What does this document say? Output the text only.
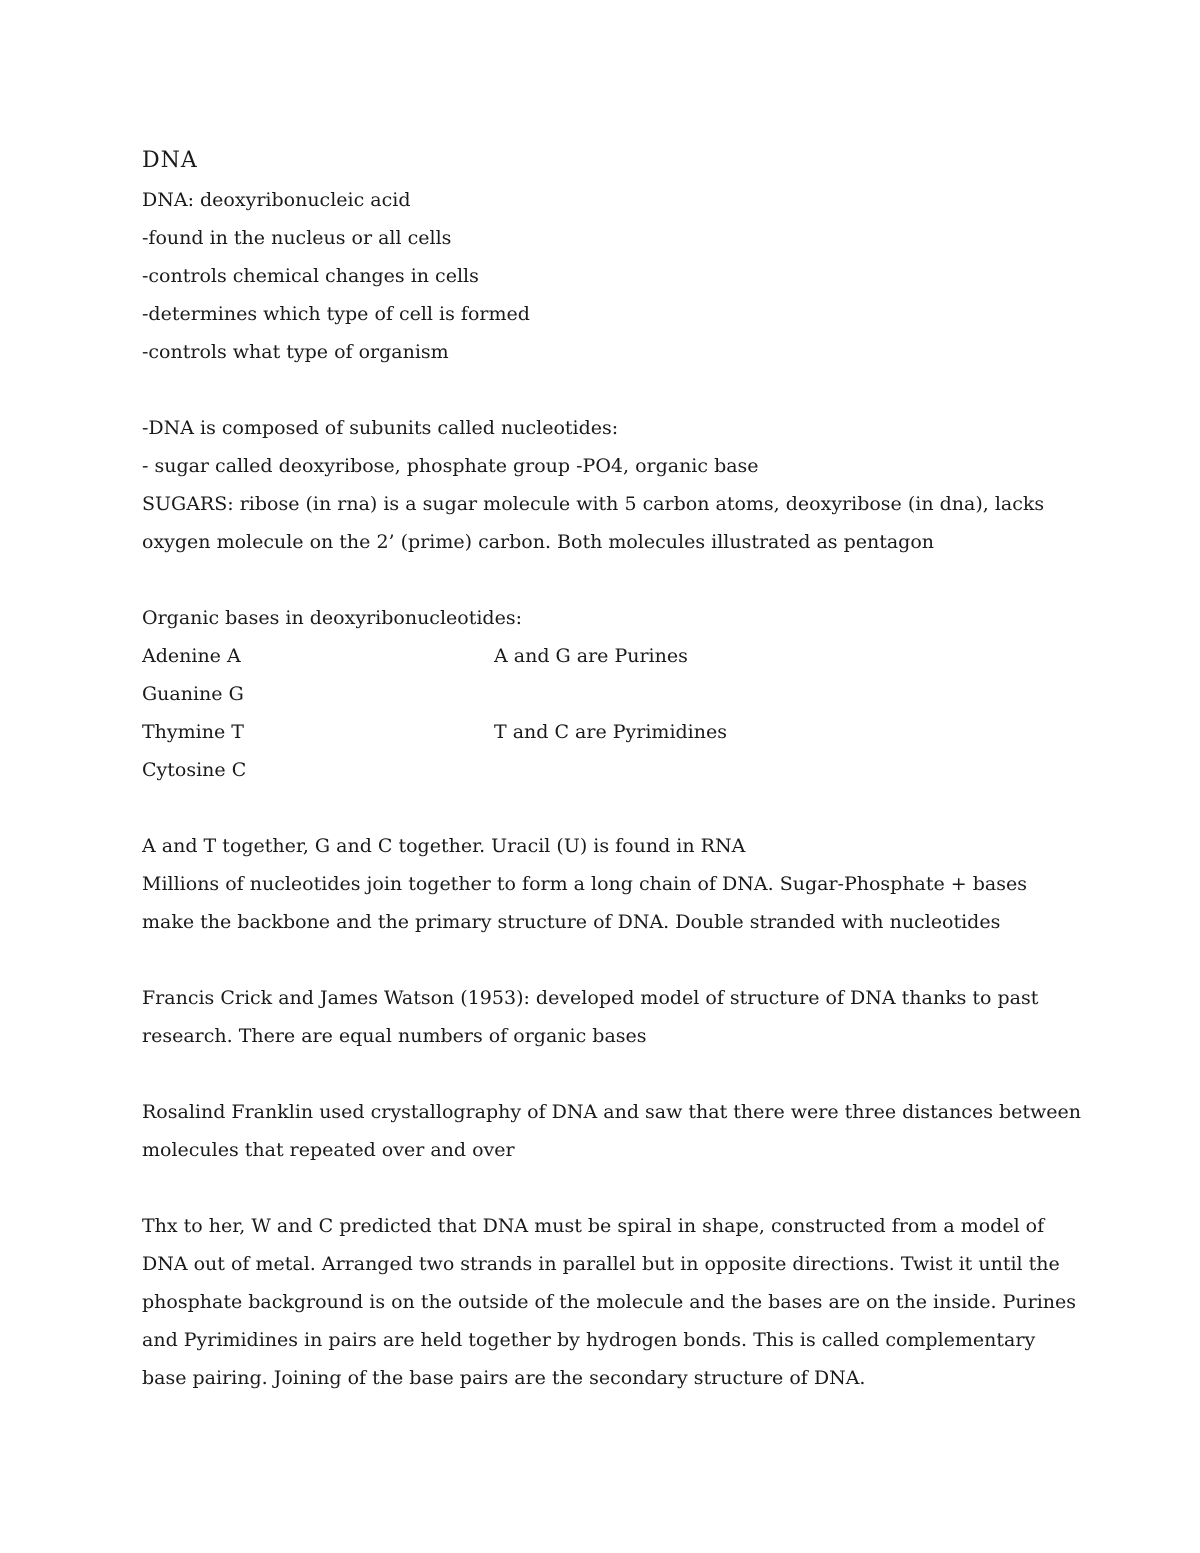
DNA
DNA: deoxyribonucleic acid
-found in the nucleus or all cells
-controls chemical changes in cells
-determines which type of cell is formed
-controls what type of organism
-DNA is composed of subunits called nucleotides:
- sugar called deoxyribose, phosphate group -PO4, organic base
SUGARS: ribose (in rna) is a sugar molecule with 5 carbon atoms, deoxyribose (in dna), lacks
oxygen molecule on the 2’ (prime) carbon. Both molecules illustrated as pentagon
Organic bases in deoxyribonucleotides:
Adenine A	A and G are Purines
Guanine G
Thymine T	T and C are Pyrimidines
Cytosine C
A and T together, G and C together. Uracil (U) is found in RNA
Millions of nucleotides join together to form a long chain of DNA. Sugar-Phosphate + bases
make the backbone and the primary structure of DNA. Double stranded with nucleotides
Francis Crick and James Watson (1953): developed model of structure of DNA thanks to past
research. There are equal numbers of organic bases
Rosalind Franklin used crystallography of DNA and saw that there were three distances between
molecules that repeated over and over
Thx to her, W and C predicted that DNA must be spiral in shape, constructed from a model of
DNA out of metal. Arranged two strands in parallel but in opposite directions. Twist it until the
phosphate background is on the outside of the molecule and the bases are on the inside. Purines
and Pyrimidines in pairs are held together by hydrogen bonds. This is called complementary
base pairing. Joining of the base pairs are the secondary structure of DNA.
